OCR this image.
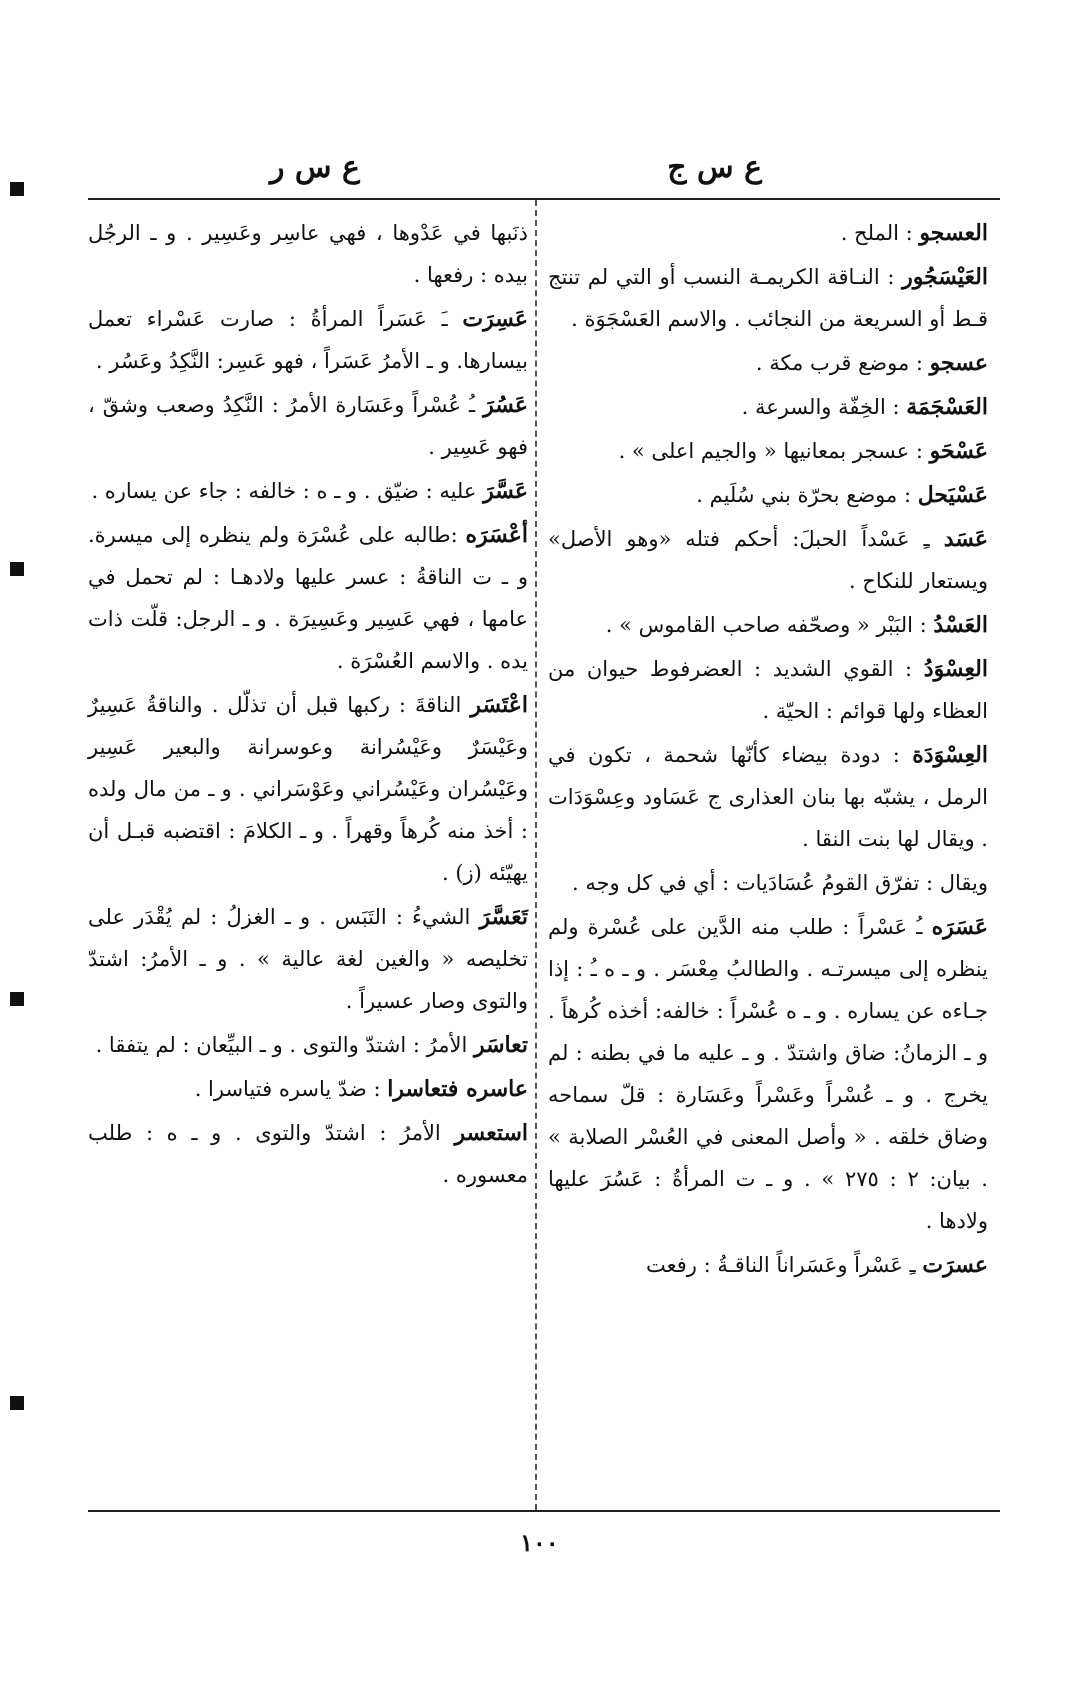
ع س ج
ع س ر

العسجو : الملح .

العَيْسَجُور : النـاقة الكريمـة النسب أو التي لم تنتج قـط أو السريعة من النجائب . والاسم العَسْجَوَة .

عسجو : موضع قرب مكة .

العَسْجَمَة : الخِفّة والسرعة .

عَسْحَو : عسجر بمعانيها « والجيم اعلى » .

عَسْيَحل : موضع بحرّة بني سُلَيم .

عَسَد ـِ عَسْداً الحبلَ: أحكم فتله «وهو الأصل» ويستعار للنكاح .

العَسْدُ : البَبْر « وصحّفه صاحب القاموس » .

العِسْوَدُ : القوي الشديد : العضرفوط حيوان من العظاء ولها قوائم : الحيّة .

العِسْوَدَة : دودة بيضاء كأنّها شحمة ، تكون في الرمل ، يشبّه بها بنان العذارى ج عَسَاود وعِسْوَدَات . ويقال لها بنت النقا .

ويقال : تفرّق القومُ عُسَادَيات : أي في كل وجه .

عَسَرَه ـُ عَسْراً : طلب منه الدَّين على عُسْرة ولم ينظره إلى ميسرتـه . والطالبُ مِعْسَر . و ـ ه ـُ : إذا جـاءه عن يساره . و ـ ه عُسْراً : خالفه: أخذه كُرهاً . و ـ الزمانُ: ضاق واشتدّ . و ـ عليه ما في بطنه : لم يخرج . و ـ عُسْراً وعَسْراً وعَسَارة : قلّ سماحه وضاق خلقه . « وأصل المعنى في العُسْر الصلابة » . بيان: ٢ : ٢٧٥ » . و ـ ت المرأةُ : عَسُرَ عليها ولادها .

عسرَت ـِ عَسْراً وعَسَراناً الناقـةُ : رفعت

ذنَبها في عَدْوها ، فهي عاسِر وعَسِير . و ـ الرجُل بيده : رفعها .

عَسِرَت ـَ عَسَراً المرأةُ : صارت عَسْراء تعمل بيسارها. و ـ الأمرُ عَسَراً ، فهو عَسِر: النَّكِدُ وعَسُر .

عَسُرَ ـُ عُسْراً وعَسَارة الأمرُ : النَّكِدُ وصعب وشقّ ، فهو عَسِير .

عَسَّرَ عليه : ضيّق . و ـ ه : خالفه : جاء عن يساره .

أعْسَرَه :طالبه على عُسْرَة ولم ينظره إلى ميسرة. و ـ ت الناقةُ : عسر عليها ولادهـا : لم تحمل في عامها ، فهي عَسِير وعَسِيرَة . و ـ الرجل: قلّت ذات يده . والاسم العُسْرَة .

اعْتَسَر الناقةَ : ركبها قبل أن تذلّل . والناقةُ عَسِيرٌ وعَيْسَرٌ وعَيْسُرانة وعوسرانة والبعير عَسِير وعَيْسُران وعَيْسُراني وعَوْسَراني . و ـ من مال ولده : أخذ منه كُرهاً وقهراً . و ـ الكلامَ : اقتضبه قبـل أن يهيّئه (ز) .

تَعَسَّرَ الشيءُ : التَبَس . و ـ الغزلُ : لم يُقْدَر على تخليصه « والغين لغة عالية » . و ـ الأمرُ: اشتدّ والتوى وصار عسيراً .

تعاسَر الأمرُ : اشتدّ والتوى . و ـ البيِّعان : لم يتفقا .

عاسره فتعاسرا : ضدّ ياسره فتياسرا .

استعسر الأمرُ : اشتدّ والتوى . و ـ ه : طلب معسوره .

١٠٠
